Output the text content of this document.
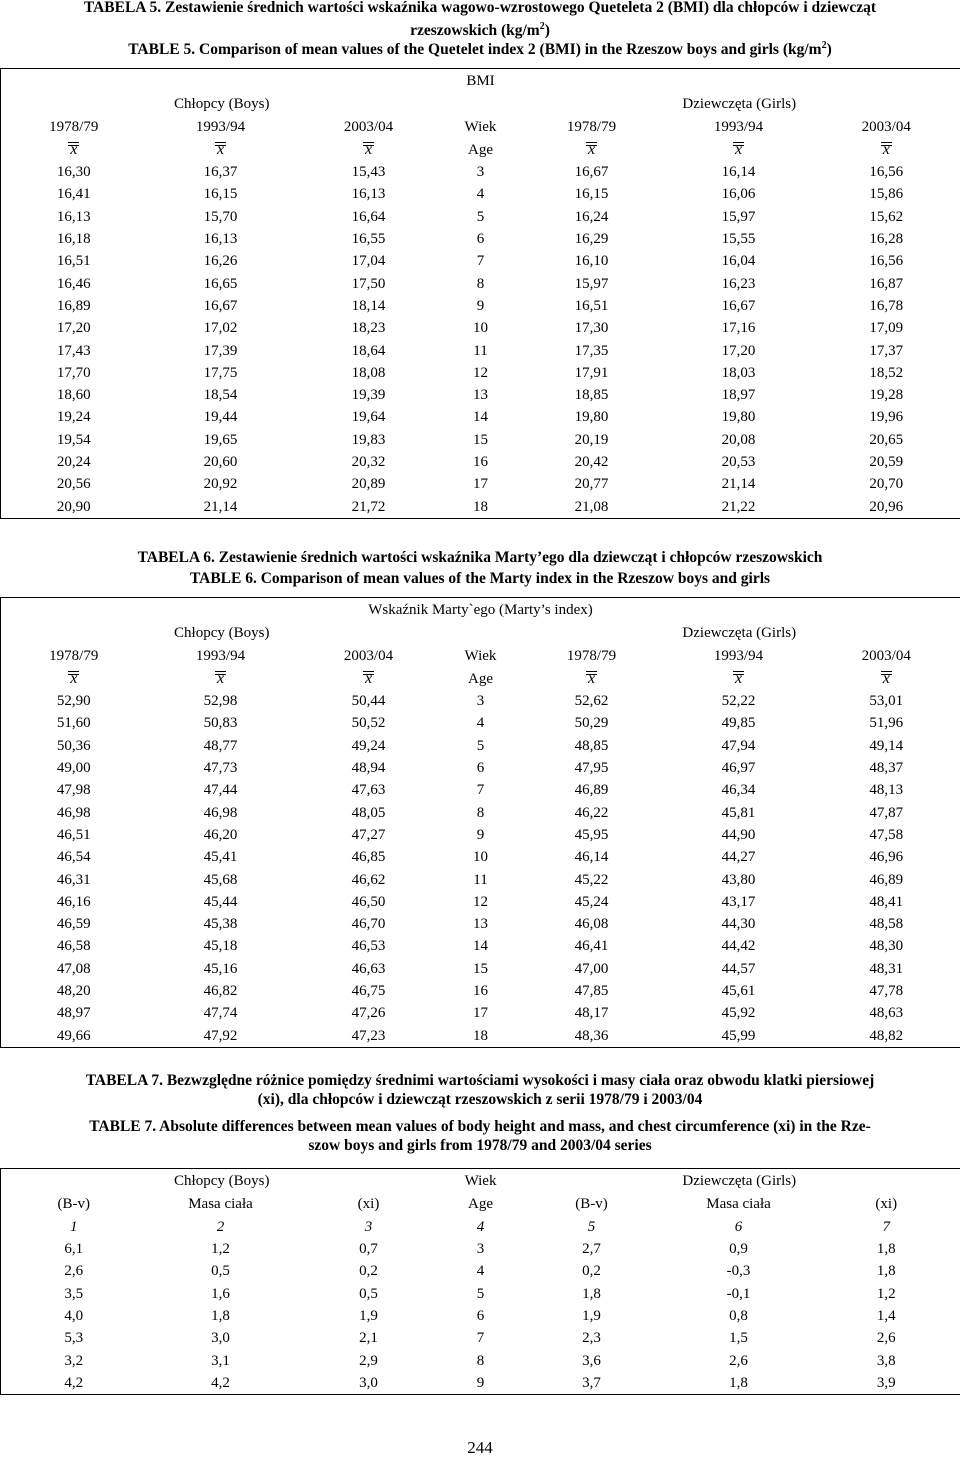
TABELA 5. Zestawienie średnich wartości wskaźnika wagowo-wzrostowego Queteleta 2 (BMI) dla chłopców i dziewcząt
rzeszowskich $(kg/m^2)$

TABLE 5. Comparison of mean values of the Quetelet index 2 (BMI) in the Rzeszow boys and girls $(kg/m^2)$

			BMI			
Chłopcy (Boys)				Dziewczęta (Girls)		
1978/79	1993/94	2003/04	Wiek	1978/79	1993/94	2003/04
x	x	x	Age	x	x	x
16,30	16,37	15,43	3	16,67	16,14	16,56
16,41	16,15	16,13	4	16,15	16,06	15,86
16,13	15,70	16,64	5	16,24	15,97	15,62
16,18	16,13	16,55	6	16,29	15,55	16,28
16,51	16,26	17,04	7	16,10	16,04	16,56
16,46	16,65	17,50	8	15,97	16,23	16,87
16,89	16,67	18,14	9	16,51	16,67	16,78
17,20	17,02	18,23	10	17,30	17,16	17,09
17,43	17,39	18,64	11	17,35	17,20	17,37
17,70	17,75	18,08	12	17,91	18,03	18,52
18,60	18,54	19,39	13	18,85	18,97	19,28
19,24	19,44	19,64	14	19,80	19,80	19,96
19,54	19,65	19,83	15	20,19	20,08	20,65
20,24	20,60	20,32	16	20,42	20,53	20,59
20,56	20,92	20,89	17	20,77	21,14	20,70
20,90	21,14	21,72	18	21,08	21,22	20,96

TABELA 6. Zestawienie średnich wartości wskaźnika Marty’ego dla dziewcząt i chłopców rzeszowskich

TABLE 6. Comparison of mean values of the Marty index in the Rzeszow boys and girls

Wskaźnik Marty`ego (Marty’s index)						
Chłopcy (Boys)				Dziewczęta (Girls)		
1978/79	1993/94	2003/04	Wiek	1978/79	1993/94	2003/04
x	x	x	Age	x	x	x
52,90	52,98	50,44	3	52,62	52,22	53,01
51,60	50,83	50,52	4	50,29	49,85	51,96
50,36	48,77	49,24	5	48,85	47,94	49,14
49,00	47,73	48,94	6	47,95	46,97	48,37
47,98	47,44	47,63	7	46,89	46,34	48,13
46,98	46,98	48,05	8	46,22	45,81	47,87
46,51	46,20	47,27	9	45,95	44,90	47,58
46,54	45,41	46,85	10	46,14	44,27	46,96
46,31	45,68	46,62	11	45,22	43,80	46,89
46,16	45,44	46,50	12	45,24	43,17	48,41
46,59	45,38	46,70	13	46,08	44,30	48,58
46,58	45,18	46,53	14	46,41	44,42	48,30
47,08	45,16	46,63	15	47,00	44,57	48,31
48,20	46,82	46,75	16	47,85	45,61	47,78
48,97	47,74	47,26	17	48,17	45,92	48,63
49,66	47,92	47,23	18	48,36	45,99	48,82

TABELA 7. Bezwzględne różnice pomiędzy średnimi wartościami wysokości i masy ciała oraz obwodu klatki piersiowej
(xi), dla chłopców i dziewcząt rzeszowskich z serii 1978/79 i 2003/04

TABLE 7. Absolute differences between mean values of body height and mass, and chest circumference (xi) in the Rze-
szow boys and girls from 1978/79 and 2003/04 series

Chłopcy (Boys)			Wiek	Dziewczęta (Girls)		
(B-v)	Masa ciała	(xi)	Age	(B-v)	Masa ciała	(xi)
1	2	3	4	5	6	7
6,1	1,2	0,7	3	2,7	0,9	1,8
2,6	0,5	0,2	4	0,2	-0,3	1,8
3,5	1,6	0,5	5	1,8	-0,1	1,2
4,0	1,8	1,9	6	1,9	0,8	1,4
5,3	3,0	2,1	7	2,3	1,5	2,6
3,2	3,1	2,9	8	3,6	2,6	3,8
4,2	4,2	3,0	9	3,7	1,8	3,9
244
